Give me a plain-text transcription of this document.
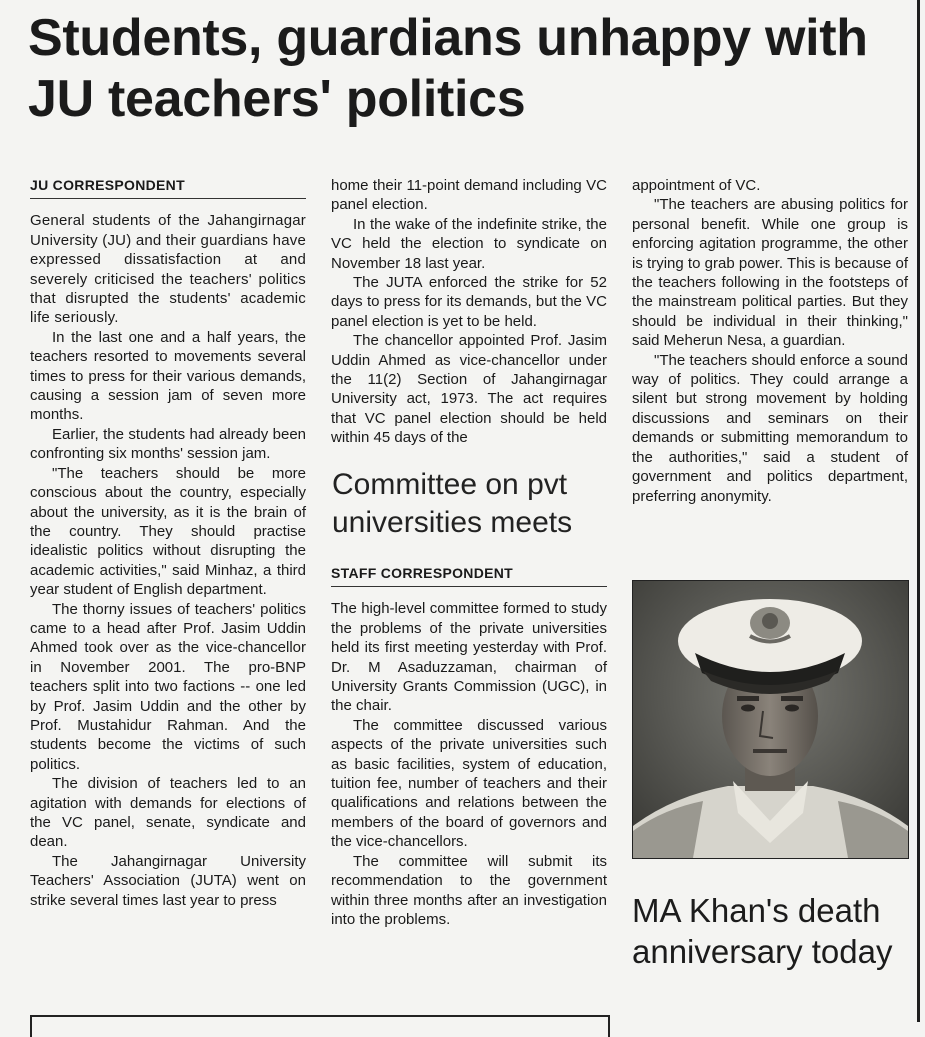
Students, guardians unhappy with JU teachers' politics
JU CORRESPONDENT

General students of the Jahangirnagar University (JU) and their guardians have expressed dissatisfaction at and severely criticised the teachers' politics that disrupted the students' academic life seriously.

In the last one and a half years, the teachers resorted to movements several times to press for their various demands, causing a session jam of seven more months.

Earlier, the students had already been confronting six months' session jam.

"The teachers should be more conscious about the country, especially about the university, as it is the brain of the country. They should practise idealistic politics without disrupting the academic activities," said Minhaz, a third year student of English department.

The thorny issues of teachers' politics came to a head after Prof. Jasim Uddin Ahmed took over as the vice-chancellor in November 2001. The pro-BNP teachers split into two factions -- one led by Prof. Jasim Uddin and the other by Prof. Mustahidur Rahman. And the students become the victims of such politics.

The division of teachers led to an agitation with demands for elections of the VC panel, senate, syndicate and dean.

The Jahangirnagar University Teachers' Association (JUTA) went on strike several times last year to press

home their 11-point demand including VC panel election.

In the wake of the indefinite strike, the VC held the election to syndicate on November 18 last year.

The JUTA enforced the strike for 52 days to press for its demands, but the VC panel election is yet to be held.

The chancellor appointed Prof. Jasim Uddin Ahmed as vice-chancellor under the 11(2) Section of Jahangirnagar University act, 1973. The act requires that VC panel election should be held within 45 days of the

appointment of VC.

"The teachers are abusing politics for personal benefit. While one group is enforcing agitation programme, the other is trying to grab power. This is because of the teachers following in the footsteps of the mainstream political parties. But they should be individual in their thinking," said Meherun Nesa, a guardian.

"The teachers should enforce a sound way of politics. They could arrange a silent but strong movement by holding discussions and seminars on their demands or submitting memorandum to the authorities," said a student of government and politics department, preferring anonymity.

Committee on pvt universities meets
STAFF CORRESPONDENT

The high-level committee formed to study the problems of the private universities held its first meeting yesterday with Prof. Dr. M Asaduzzaman, chairman of University Grants Commission (UGC), in the chair.

The committee discussed various aspects of the private universities such as basic facilities, system of education, tuition fee, number of teachers and their qualifications and relations between the members of the board of governors and the vice-chancellors.

The committee will submit its recommendation to the government within three months after an investigation into the problems.	MA Khan's death anniversary today
